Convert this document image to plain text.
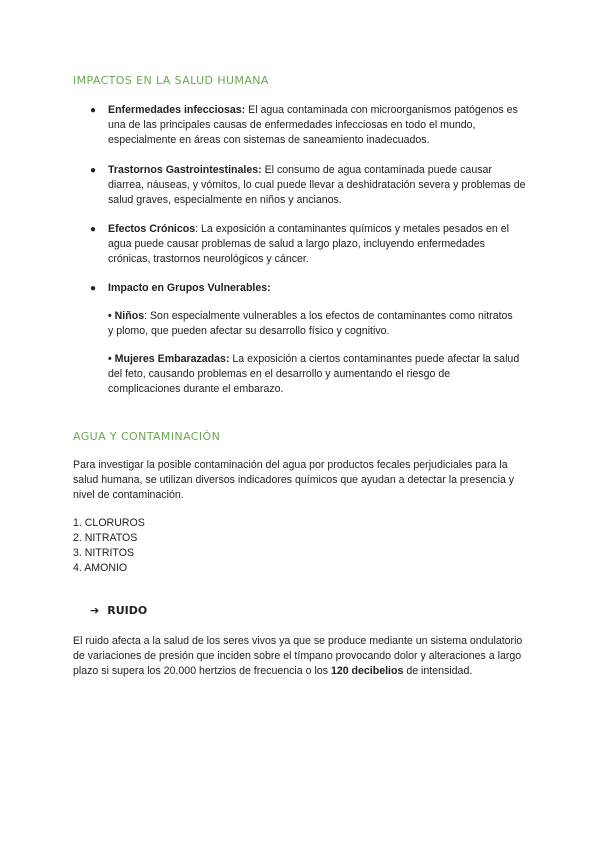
IMPACTOS EN LA SALUD HUMANA
● Enfermedades infecciosas: El agua contaminada con microorganismos patógenos es una de las principales causas de enfermedades infecciosas en todo el mundo, especialmente en áreas con sistemas de saneamiento inadecuados.
● Trastornos Gastrointestinales: El consumo de agua contaminada puede causar diarrea, náuseas, y vómitos, lo cual puede llevar a deshidratación severa y problemas de salud graves, especialmente en niños y ancianos.
● Efectos Crónicos: La exposición a contaminantes químicos y metales pesados en el agua puede causar problemas de salud a largo plazo, incluyendo enfermedades crónicas, trastornos neurológicos y cáncer.
● Impacto en Grupos Vulnerables:
• Niños: Son especialmente vulnerables a los efectos de contaminantes como nitratos y plomo, que pueden afectar su desarrollo físico y cognitivo.
• Mujeres Embarazadas: La exposición a ciertos contaminantes puede afectar la salud del feto, causando problemas en el desarrollo y aumentando el riesgo de complicaciones durante el embarazo.
AGUA Y CONTAMINACIÓN
Para investigar la posible contaminación del agua por productos fecales perjudiciales para la salud humana, se utilizan diversos indicadores químicos que ayudan a detectar la presencia y nivel de contaminación.
1. CLORUROS
2. NITRATOS
3. NITRITOS
4. AMONIO
➔ RUIDO
El ruido afecta a la salud de los seres vivos ya que se produce mediante un sistema ondulatorio de variaciones de presión que inciden sobre el tímpano provocando dolor y alteraciones a largo plazo si supera los 20.000 hertzios de frecuencia o los 120 decibelios de intensidad.
